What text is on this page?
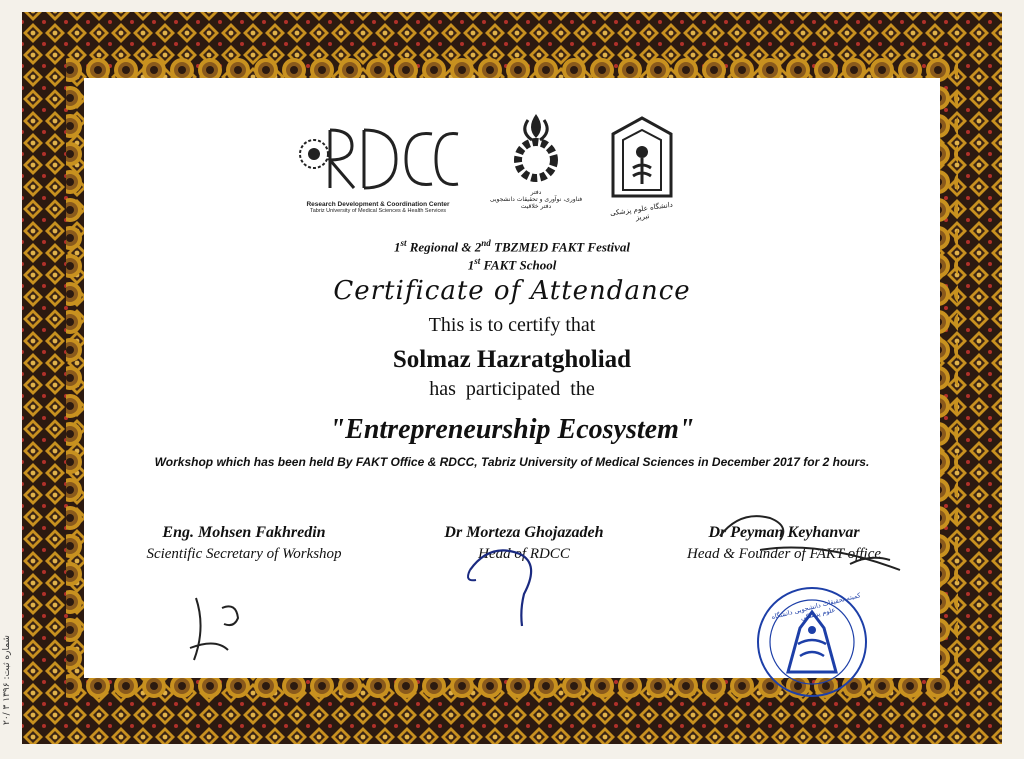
Research Development & Coordination Center
Tabriz University of Medical Sciences & Health Services
دفتر
فناوری، نوآوری و تحقیقات دانشجویی
دفتر خلاقیت	دانشگاه علوم پزشکی تبریز
1st Regional & 2nd TBZMED FAKT Festival
1st FAKT School
Certificate of Attendance
This is to certify that
Solmaz Hazratgholiad
has  participated  the
"Entrepreneurship Ecosystem"
Workshop which has been held By FAKT Office & RDCC, Tabriz University of Medical Sciences in December 2017 for 2 hours.
Eng. Mohsen Fakhredin
Scientific Secretary of Workshop
Dr Morteza Ghojazadeh
Head of RDCC
Dr Peyman Keyhanvar
Head & Founder of FAKT office
کمیته تحقیقات دانشجویی دانشگاه علوم پزشکی
۲۰/ ۳ شماره ثبت: ۱۳۹۶
